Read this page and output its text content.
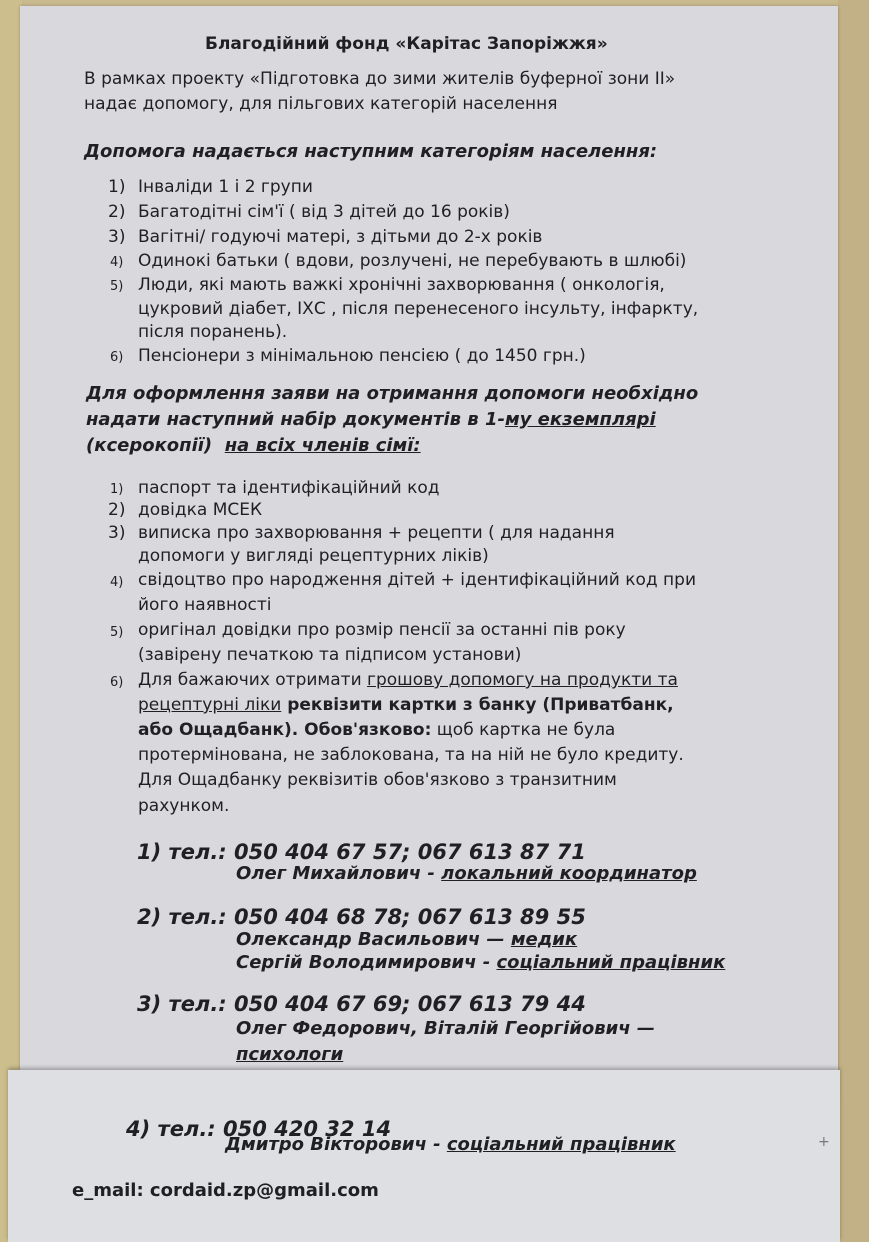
Благодійний фонд «Карітас Запоріжжя»
В рамках проекту «Підготовка до зими жителів буферної зони II»
надає допомогу, для пільгових категорій населення
Допомога надається наступним категоріям населення:
1) Інваліди 1 і 2 групи
2) Багатодітні сім'ї ( від 3 дітей до 16 років)
3) Вагітні/ годуючі матері, з дітьми до 2-х років
4) Одинокі батьки ( вдови, розлучені, не перебувають в шлюбі)
5) Люди, які мають важкі хронічні захворювання ( онкологія,
цукровий діабет, ІХС , після перенесеного інсульту, інфаркту,
після поранень).
6) Пенсіонери з мінімальною пенсією ( до 1450 грн.)
Для оформлення заяви на отримання допомоги необхідно
надати наступний набір документів в 1-му екземплярі
(ксерокопії) на всіх членів сімї:
1) паспорт та ідентифікаційний код
2) довідка МСЕК
3) виписка про захворювання + рецепти ( для надання
допомоги у вигляді рецептурних ліків)
4) свідоцтво про народження дітей + ідентифікаційний код при
його наявності
5) оригінал довідки про розмір пенсії за останні пів року
(завірену печаткою та підписом установи)
6) Для бажаючих отримати грошову допомогу на продукти та
рецептурні ліки реквізити картки з банку (Приватбанк,
або Ощадбанк). Обов'язково: щоб картка не була
протермінована, не заблокована, та на ній не було кредиту.
Для Ощадбанку реквізитів обов'язково з транзитним
рахунком.
1) тел.: 050 404 67 57; 067 613 87 71
Олег Михайлович - локальний координатор
2) тел.: 050 404 68 78; 067 613 89 55
Олександр Васильович — медик
Сергій Володимирович - соціальний працівник
3) тел.: 050 404 67 69; 067 613 79 44
Олег Федорович, Віталій Георгійович —
психологи
4) тел.: 050 420 32 14
Дмитро Вікторович - соціальний працівник	+
e_mail: cordaid.zp@gmail.com
